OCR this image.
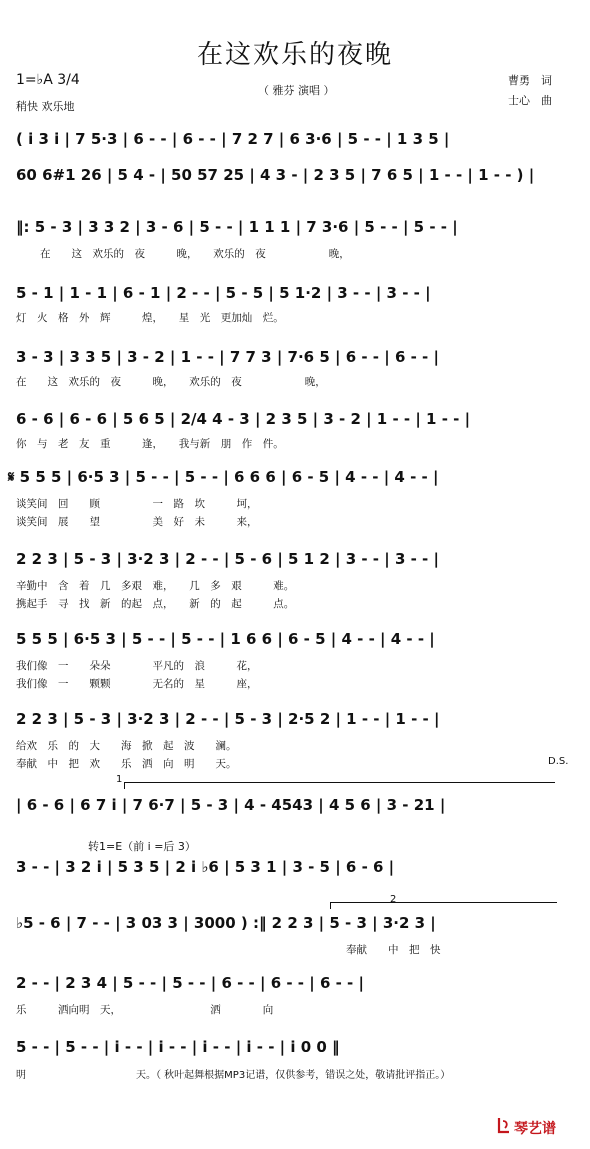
在这欢乐的夜晚
1=♭A 3/4
稍快 欢乐地
（ 雅芬 演唱 ）
曹勇　词
士心　曲
( i 3 i | 7 5·3 | 6 - - | 6 - - | 7 2 7 | 6 3·6 | 5 - - | 1 3 5 |
60 6#1 26 | 5 4 - | 50 57 25 | 4 3 - | 2 3 5 | 7 6 5 | 1 - - | 1 - - ) |
‖: 5 - 3 | 3 3 2 | 3 - 6 | 5 - - | 1 1 1 | 7 3·6 | 5 - - | 5 - - |
在　　这　欢乐的　夜　　　晚，　　欢乐的　夜　　　　　　晚，
5 - 1 | 1 - 1 | 6 - 1 | 2 - - | 5 - 5 | 5 1·2 | 3 - - | 3 - - |
灯　火　格　外　辉　　　煌，　　星　光　更加灿　烂。
3 - 3 | 3 3 5 | 3 - 2 | 1 - - | 7 7 3 | 7·6 5 | 6 - - | 6 - - |
在　　这　欢乐的　夜　　　晚，　　欢乐的　夜　　　　　　晚，
6 - 6 | 6 - 6 | 5 6 5 | 2/4 4 - 3 | 2 3 5 | 3 - 2 | 1 - - | 1 - - |
你　与　老　友　重　　　逢，　　我与新　朋　作　件。
𝄋 5 5 5 | 6·5 3 | 5 - - | 5 - - | 6 6 6 | 6 - 5 | 4 - - | 4 - - |
谈笑间　回　　顾　　　　　一　路　坎　　　坷，
谈笑间　展　　望　　　　　美　好　未　　　来，
2 2 3 | 5 - 3 | 3·2 3 | 2 - - | 5 - 6 | 5 1 2 | 3 - - | 3 - - |
辛勤中　含　着　几　多艰　难，　　几　多　艰　　　难。
携起手　寻　找　新　的起　点，　　新　的　起　　　点。
5 5 5 | 6·5 3 | 5 - - | 5 - - | 1 6 6 | 6 - 5 | 4 - - | 4 - - |
我们像　一　　朵朵　　　　平凡的　浪　　　花，
我们像　一　　颗颗　　　　无名的　星　　　座，
2 2 3 | 5 - 3 | 3·2 3 | 2 - - | 5 - 3 | 2·5 2 | 1 - - | 1 - - |
给欢　乐　的　大　　海　掀　起　波　　澜。
奉献　中　把　欢　　乐　洒　向　明　　天。	D.S.
1
| 6 - 6 | 6 7 i | 7 6·7 | 5 - 3 | 4 - 4543 | 4 5 6 | 3 - 21 |
转1=E（前 i =后 3）
3 - - | 3 2 i | 5 3 5 | 2 i ♭6 | 5 3 1 | 3 - 5 | 6 - 6 |
2
♭5 - 6 | 7 - - | 3 03 3 | 3000 ) :‖ 2 2 3 | 5 - 3 | 3·2 3 |
奉献　　中　把　快
2 - - | 2 3 4 | 5 - - | 5 - - | 6 - - | 6 - - | 6 - - |
乐　　　洒向明　天，　　　　　　　　　洒　　　　向
5 - - | 5 - - | i - - | i - - | i - - | i - - | i 0 0 ‖
明　　　　　　　　　　　天。（ 秋叶起舞根据MP3记谱，仅供参考，错误之处，敬请批评指正。）
琴艺谱
